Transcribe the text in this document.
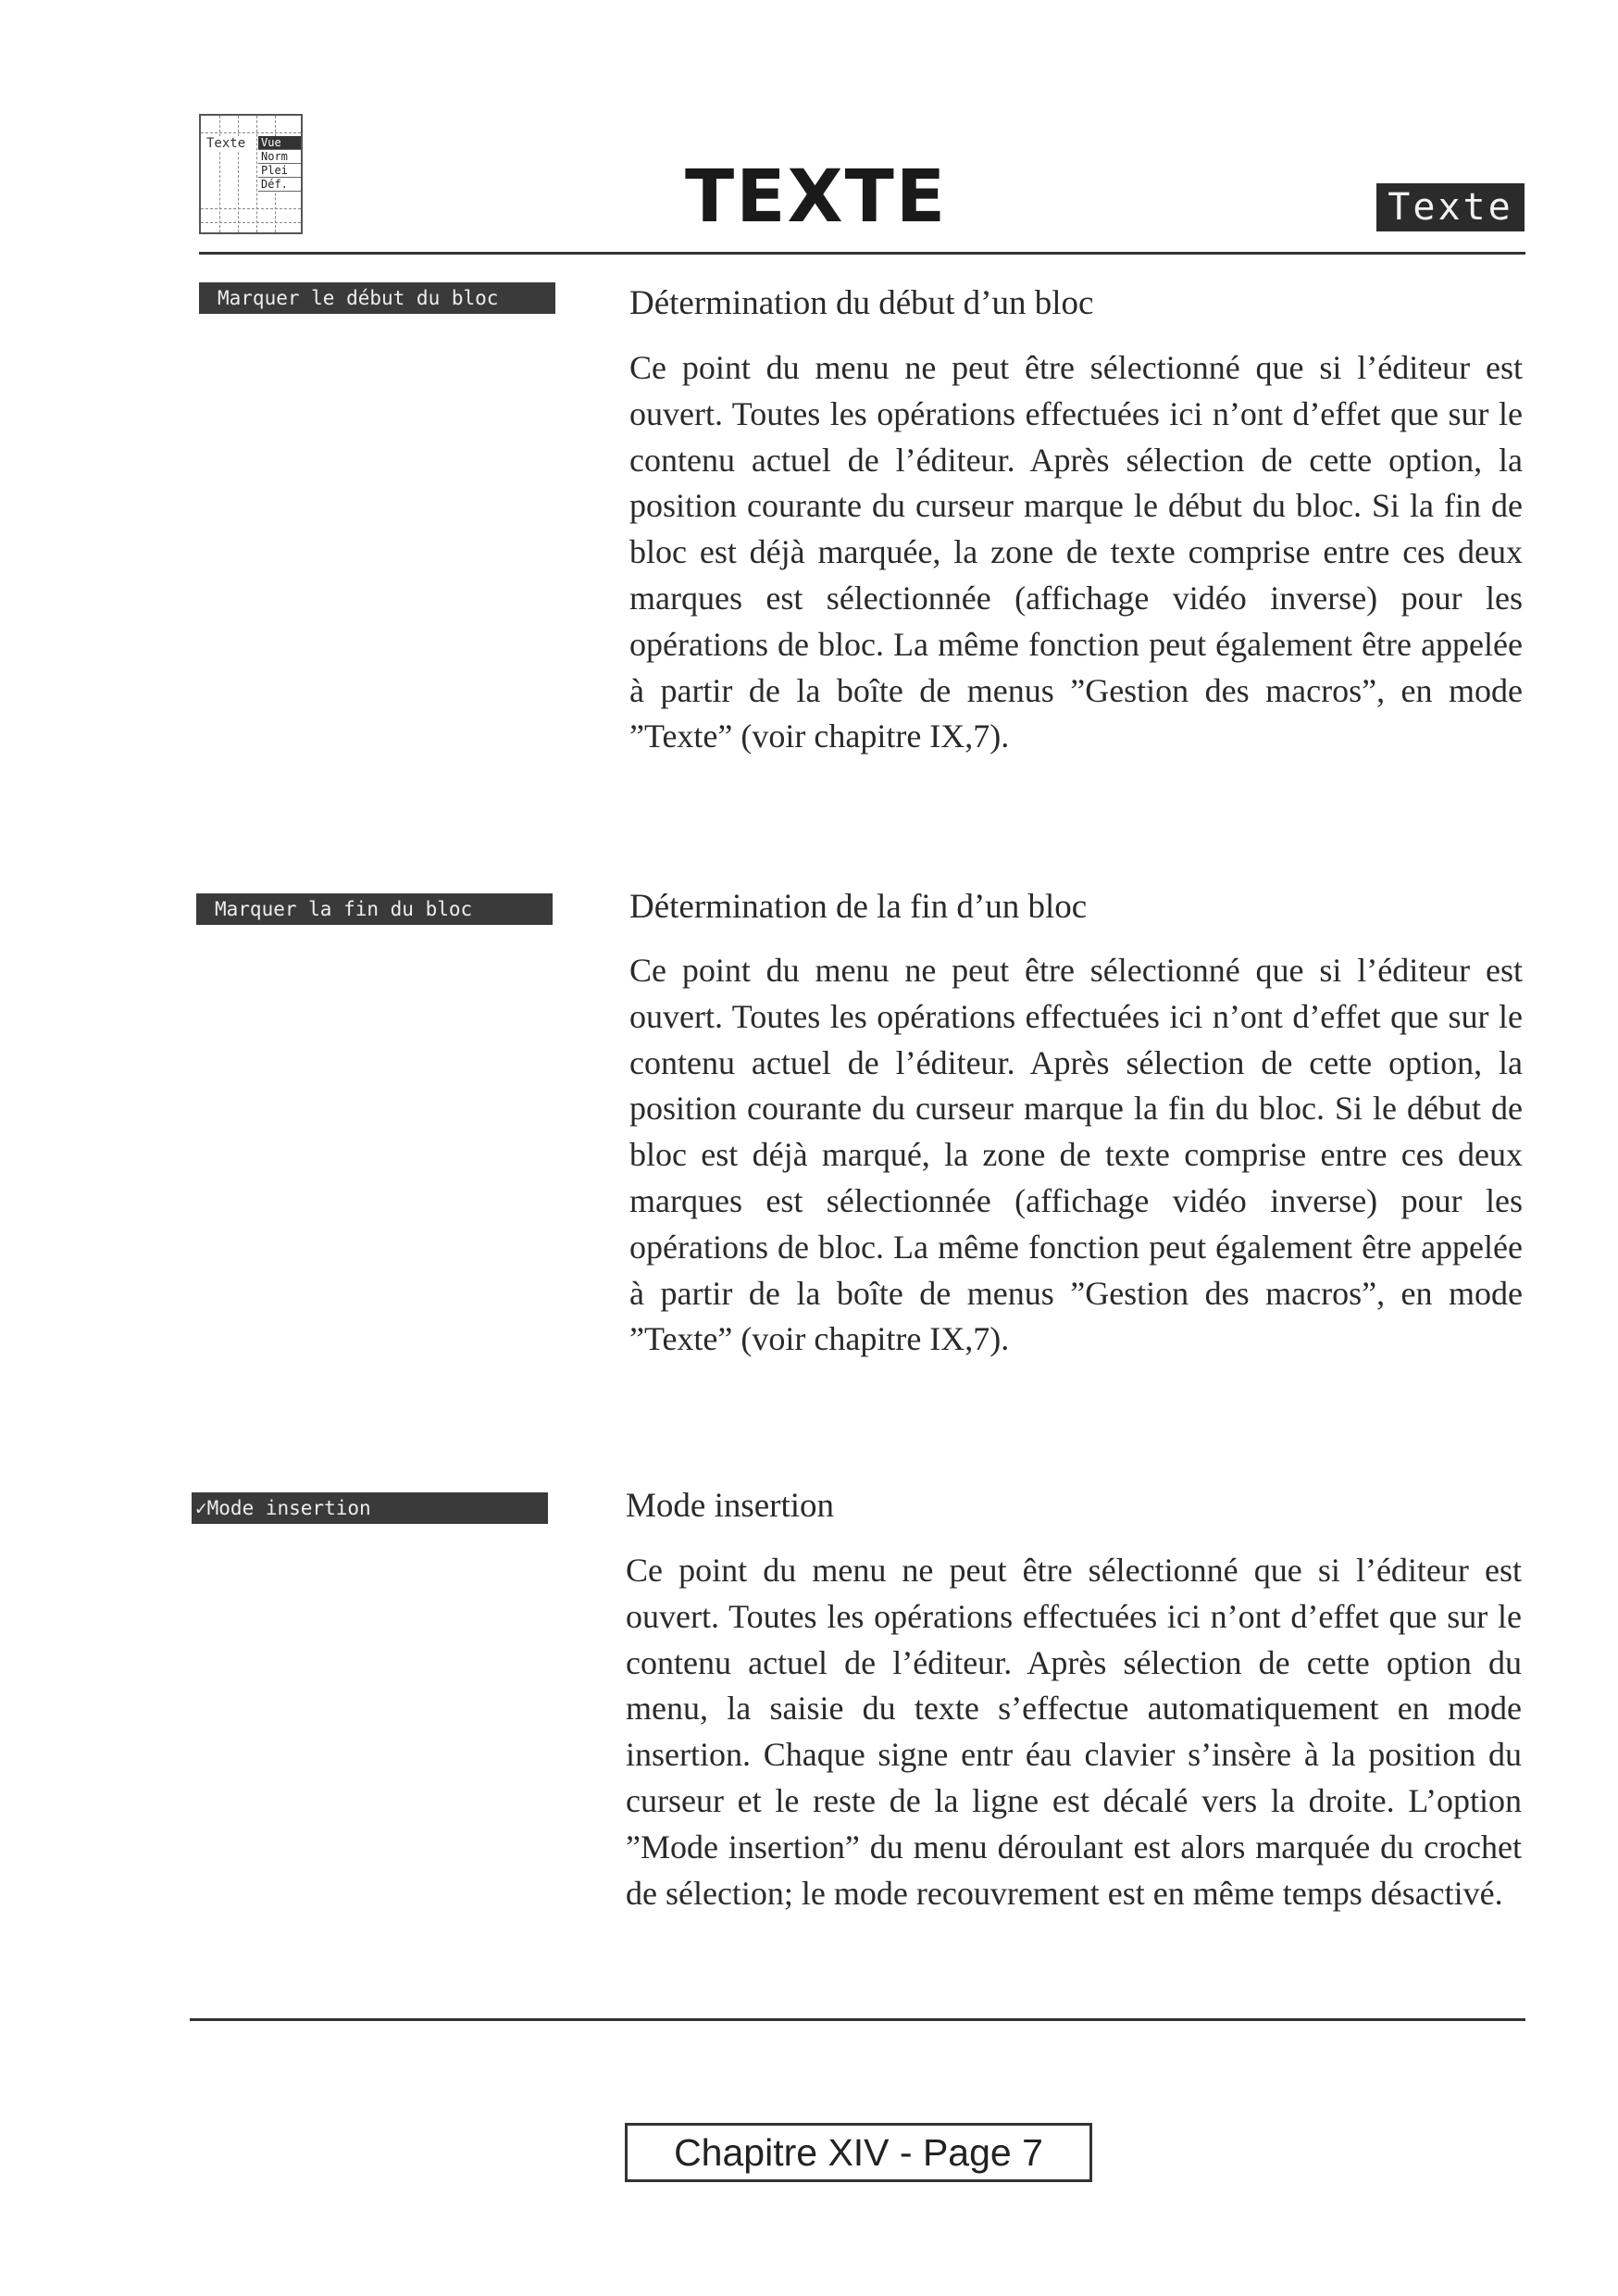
Texte Vue
Norm
Plei
Déf.	TEXTE	Texte
Marquer le début du bloc	Détermination du début d’un bloc
Ce point du menu ne peut être sélectionné que si l’éditeur est ouvert. Toutes les opérations effectuées ici n’ont d’effet que sur le contenu actuel de l’éditeur. Après sélection de cette option, la position courante du curseur marque le début du bloc. Si la fin de bloc est déjà marquée, la zone de texte comprise entre ces deux marques est sélectionnée (affichage vidéo inverse) pour les opérations de bloc. La même fonction peut également être appelée à partir de la boîte de menus ”Gestion des macros”, en mode ”Texte” (voir chapitre IX,7).
Marquer la fin du bloc	Détermination de la fin d’un bloc
Ce point du menu ne peut être sélectionné que si l’éditeur est ouvert. Toutes les opérations effectuées ici n’ont d’effet que sur le contenu actuel de l’éditeur. Après sélection de cette option, la position courante du curseur marque la fin du bloc. Si le début de bloc est déjà marqué, la zone de texte comprise entre ces deux marques est sélectionnée (affichage vidéo inverse) pour les opérations de bloc. La même fonction peut également être appelée à partir de la boîte de menus ”Gestion des macros”, en mode ”Texte” (voir chapitre IX,7).
✓Mode insertion	Mode insertion
Ce point du menu ne peut être sélectionné que si l’éditeur est ouvert. Toutes les opérations effectuées ici n’ont d’effet que sur le contenu actuel de l’éditeur. Après sélection de cette option du menu, la saisie du texte s’effectue automatiquement en mode insertion. Chaque signe entr éau clavier s’insère à la position du curseur et le reste de la ligne est décalé vers la droite. L’option ”Mode insertion” du menu déroulant est alors marquée du crochet de sélection; le mode recouvrement est en même temps désactivé.
Chapitre XIV - Page 7
